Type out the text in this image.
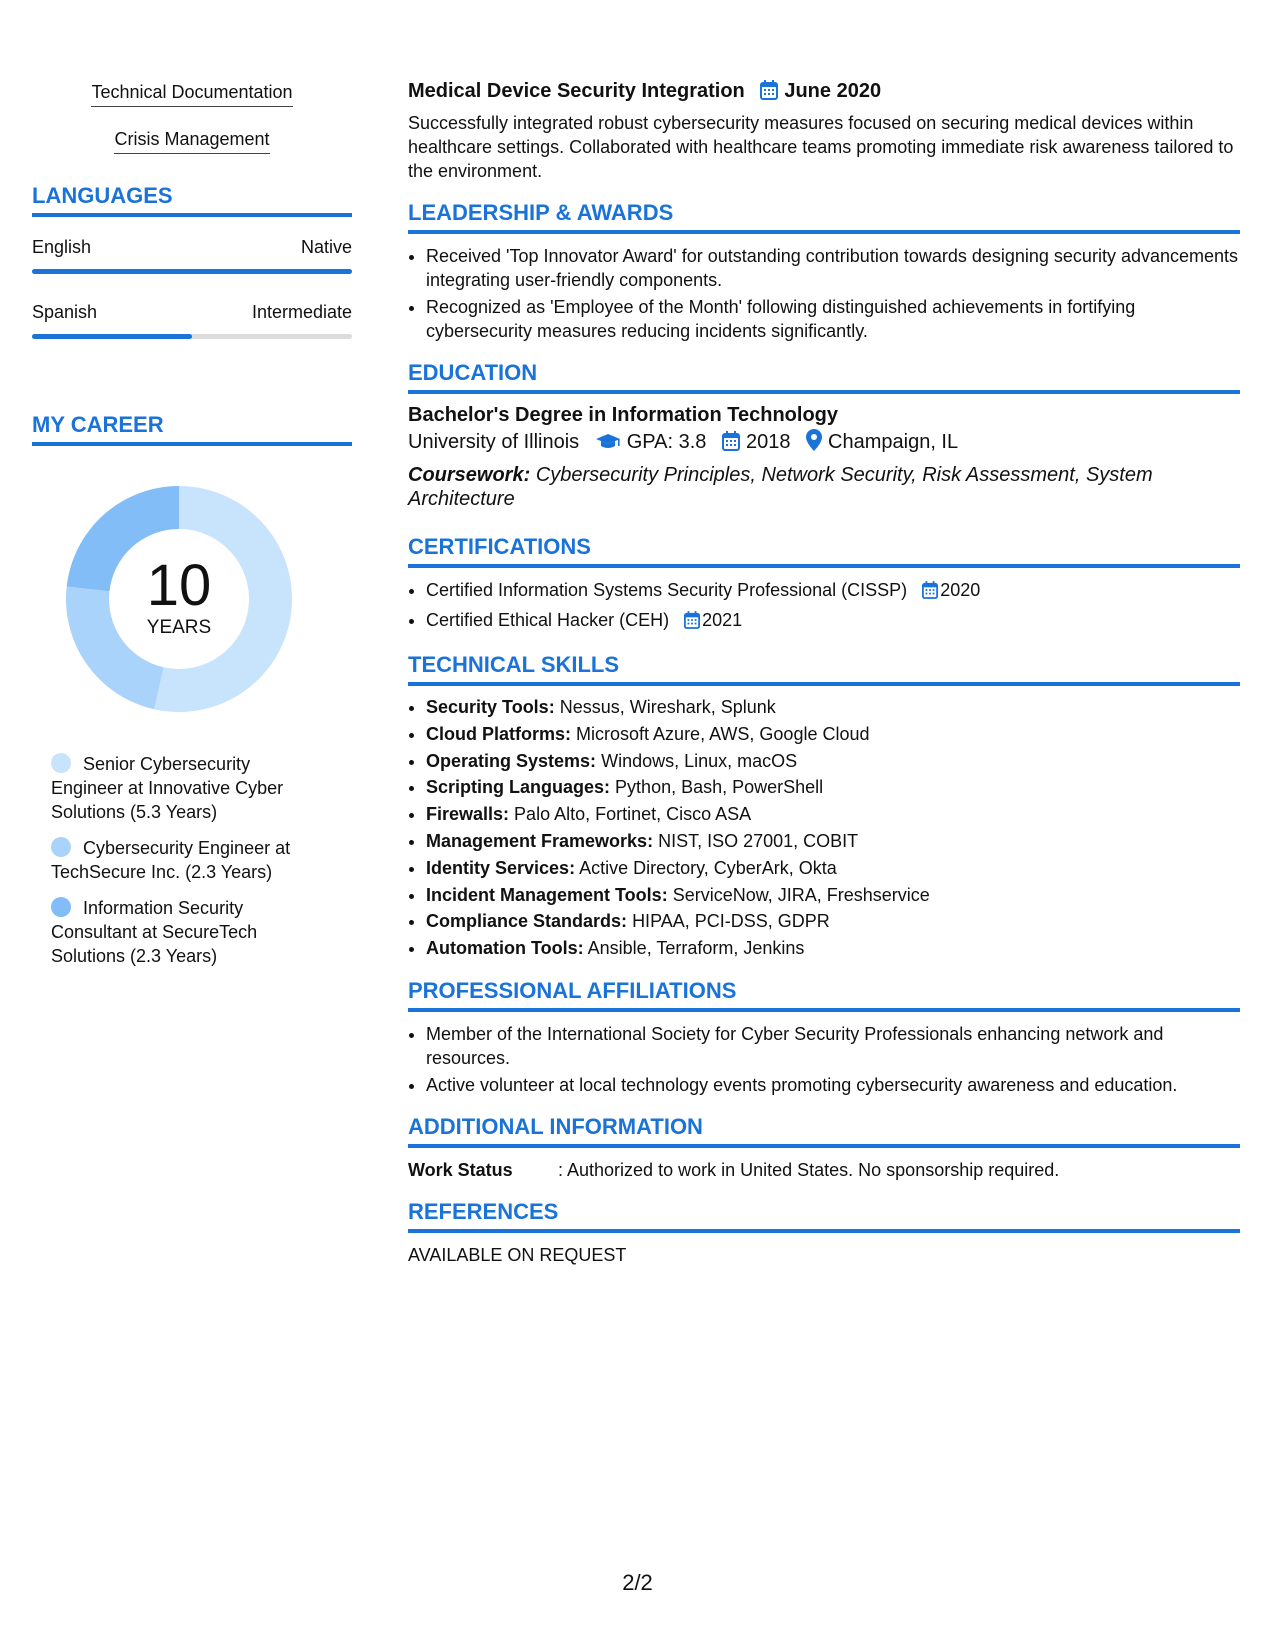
Technical Documentation
Crisis Management
LANGUAGES
English	Native
Spanish	Intermediate
MY CAREER
10
YEARS
Senior Cybersecurity Engineer at Innovative Cyber Solutions (5.3 Years)
Cybersecurity Engineer at TechSecure Inc. (2.3 Years)
Information Security Consultant at SecureTech Solutions (2.3 Years)
Medical Device Security Integration June 2020
Successfully integrated robust cybersecurity measures focused on securing medical devices within healthcare settings. Collaborated with healthcare teams promoting immediate risk awareness tailored to the environment.
LEADERSHIP & AWARDS
• Received 'Top Innovator Award' for outstanding contribution towards designing security advancements integrating user-friendly components.
• Recognized as 'Employee of the Month' following distinguished achievements in fortifying cybersecurity measures reducing incidents significantly.
EDUCATION
Bachelor's Degree in Information Technology
University of Illinois GPA: 3.8 2018 Champaign, IL
Coursework: Cybersecurity Principles, Network Security, Risk Assessment, System Architecture
CERTIFICATIONS
• Certified Information Systems Security Professional (CISSP) 2020
• Certified Ethical Hacker (CEH) 2021
TECHNICAL SKILLS
• Security Tools: Nessus, Wireshark, Splunk
• Cloud Platforms: Microsoft Azure, AWS, Google Cloud
• Operating Systems: Windows, Linux, macOS
• Scripting Languages: Python, Bash, PowerShell
• Firewalls: Palo Alto, Fortinet, Cisco ASA
• Management Frameworks: NIST, ISO 27001, COBIT
• Identity Services: Active Directory, CyberArk, Okta
• Incident Management Tools: ServiceNow, JIRA, Freshservice
• Compliance Standards: HIPAA, PCI-DSS, GDPR
• Automation Tools: Ansible, Terraform, Jenkins
PROFESSIONAL AFFILIATIONS
• Member of the International Society for Cyber Security Professionals enhancing network and resources.
• Active volunteer at local technology events promoting cybersecurity awareness and education.
ADDITIONAL INFORMATION
Work Status	: Authorized to work in United States. No sponsorship required.
REFERENCES
AVAILABLE ON REQUEST
2/2
